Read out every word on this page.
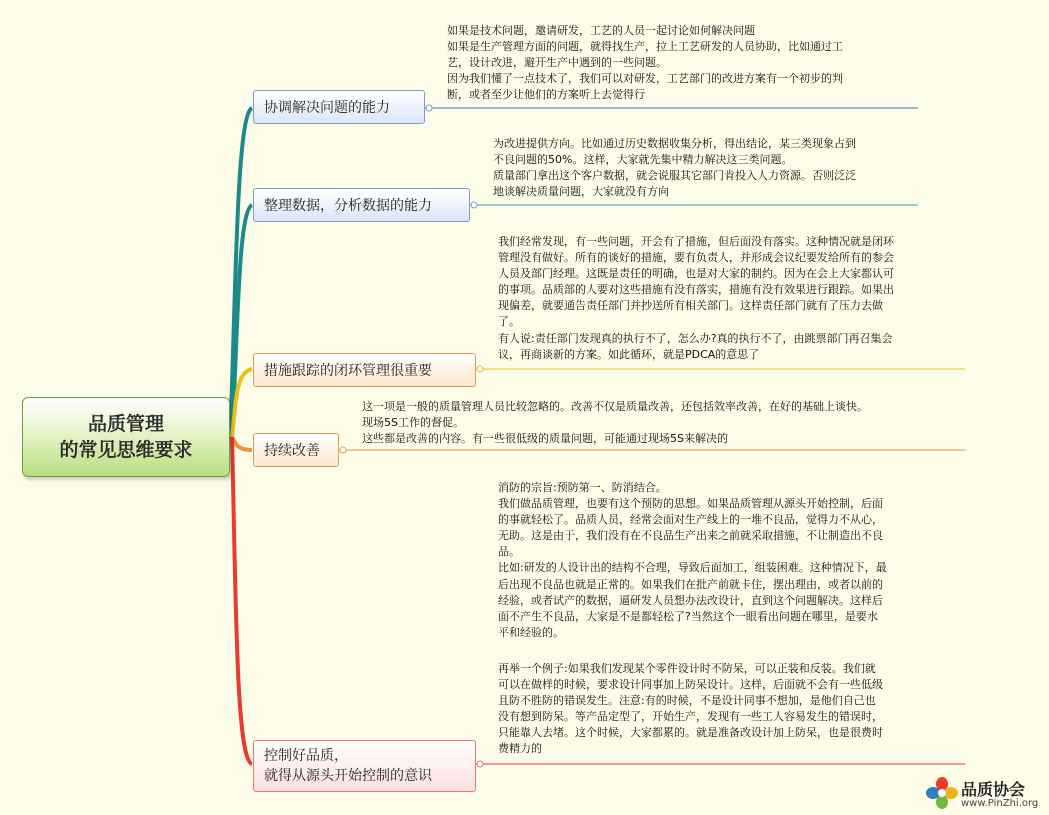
品质管理
的常见思维要求
协调解决问题的能力
整理数据，分析数据的能力
措施跟踪的闭环管理很重要
持续改善
控制好品质，
就得从源头开始控制的意识
如果是技术问题，邀请研发，工艺的人员一起讨论如何解决问题
如果是生产管理方面的问题，就得找生产，拉上工艺研发的人员协助，比如通过工
艺，设计改进，避开生产中遇到的一些问题。
因为我们懂了一点技术了，我们可以对研发，工艺部门的改进方案有一个初步的判
断，或者至少让他们的方案听上去觉得行
为改进提供方向。比如通过历史数据收集分析，得出结论，某三类现象占到
不良问题的50%。这样，大家就先集中精力解决这三类问题。
质量部门拿出这个客户数据，就会说服其它部门肯投入人力资源。否则泛泛
地谈解决质量问题，大家就没有方向
我们经常发现，有一些问题，开会有了措施，但后面没有落实。这种情况就是闭环
管理没有做好。所有的谈好的措施，要有负责人，并形成会议纪要发给所有的参会
人员及部门经理。这既是责任的明确，也是对大家的制约。因为在会上大家都认可
的事项。品质部的人要对这些措施有没有落实，措施有没有效果进行跟踪。如果出
现偏差，就要通告责任部门并抄送所有相关部门。这样责任部门就有了压力去做
了。
有人说:责任部门发现真的执行不了，怎么办?真的执行不了，由跳票部门再召集会
议，再商谈新的方案。如此循环，就是PDCA的意思了
这一项是一般的质量管理人员比较忽略的。改善不仅是质量改善，还包括效率改善，在好的基础上谈快。
现场5S工作的督促。
这些都是改善的内容。有一些很低级的质量问题，可能通过现场5S来解决的
消防的宗旨:预防第一、防消结合。
我们做品质管理，也要有这个预防的思想。如果品质管理从源头开始控制，后面
的事就轻松了。品质人员，经常会面对生产线上的一堆不良品，觉得力不从心，
无助。这是由于，我们没有在不良品生产出来之前就采取措施，不让制造出不良
品。
比如:研发的人设计出的结构不合理，导致后面加工，组装困难。这种情况下，最
后出现不良品也就是正常的。如果我们在批产前就卡住，摆出理由，或者以前的
经验，或者试产的数据，逼研发人员想办法改设计，直到这个问题解决。这样后
面不产生不良品，大家是不是都轻松了?当然这个一眼看出问题在哪里，是要水
平和经验的。
再举一个例子:如果我们发现某个零件设计时不防呆，可以正装和反装。我们就
可以在做样的时候，要求设计同事加上防呆设计。这样，后面就不会有一些低级
且防不胜防的错误发生。注意:有的时候，不是设计同事不想加，是他们自己也
没有想到防呆。等产品定型了，开始生产，发现有一些工人容易发生的错误时，
只能靠人去堵。这个时候，大家都累的。就是准备改设计加上防呆，也是很费时
费精力的
品质协会
www.PinZhi.org
